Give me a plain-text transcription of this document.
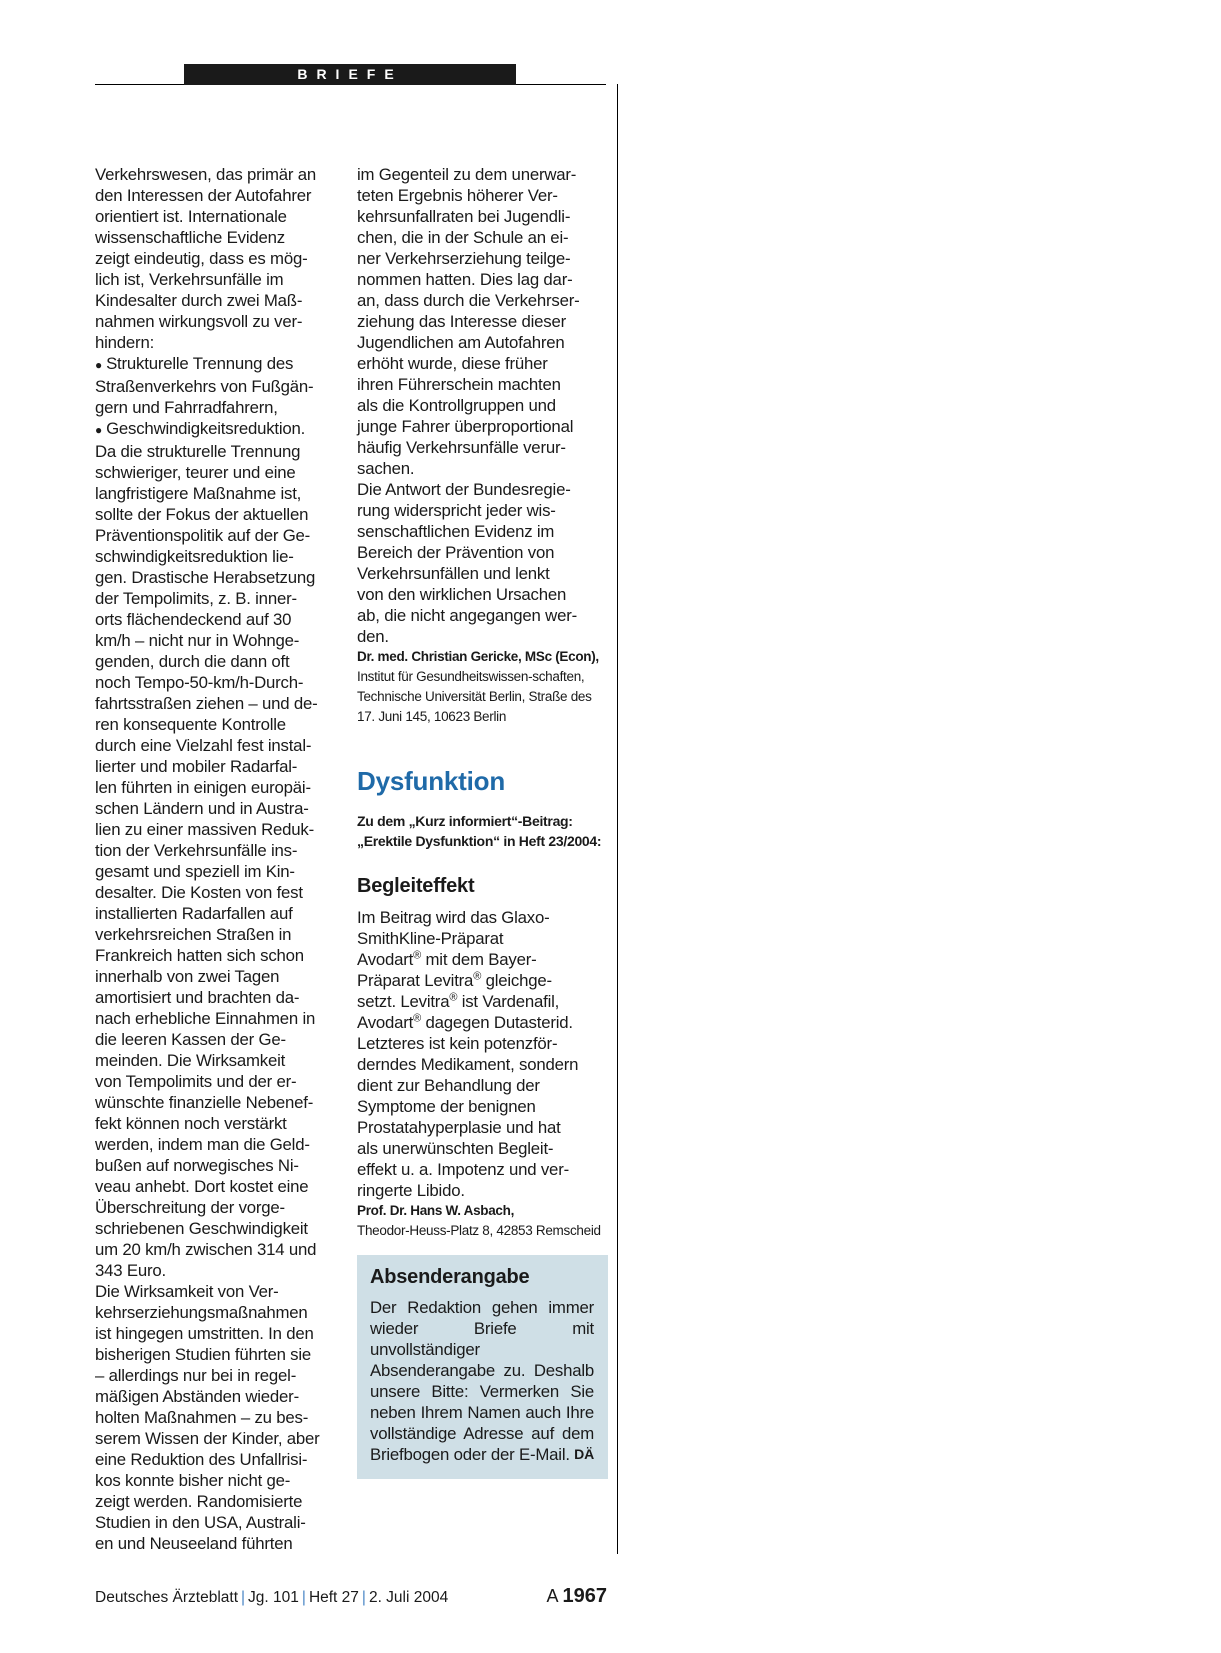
BRIEFE

Verkehrswesen, das primär an

den Interessen der Autofahrer

orientiert ist. Internationale

wissenschaftliche Evidenz

zeigt eindeutig, dass es mög-

lich ist, Verkehrsunfälle im

Kindesalter durch zwei Maß-

nahmen wirkungsvoll zu ver-

hindern:

● Strukturelle Trennung des

Straßenverkehrs von Fußgän-

gern und Fahrradfahrern,

● Geschwindigkeitsreduktion.

Da die strukturelle Trennung

schwieriger, teurer und eine

langfristigere Maßnahme ist,

sollte der Fokus der aktuellen

Präventionspolitik auf der Ge-

schwindigkeitsreduktion lie-

gen. Drastische Herabsetzung

der Tempolimits, z. B. inner-

orts flächendeckend auf 30

km/h – nicht nur in Wohnge-

genden, durch die dann oft

noch Tempo-50-km/h-Durch-

fahrtsstraßen ziehen – und de-

ren konsequente Kontrolle

durch eine Vielzahl fest instal-

lierter und mobiler Radarfal-

len führten in einigen europäi-

schen Ländern und in Austra-

lien zu einer massiven Reduk-

tion der Verkehrsunfälle ins-

gesamt und speziell im Kin-

desalter. Die Kosten von fest

installierten Radarfallen auf

verkehrsreichen Straßen in

Frankreich hatten sich schon

innerhalb von zwei Tagen

amortisiert und brachten da-

nach erhebliche Einnahmen in

die leeren Kassen der Ge-

meinden. Die Wirksamkeit

von Tempolimits und der er-

wünschte finanzielle Nebenef-

fekt können noch verstärkt

werden, indem man die Geld-

bußen auf norwegisches Ni-

veau anhebt. Dort kostet eine

Überschreitung der vorge-

schriebenen Geschwindigkeit

um 20 km/h zwischen 314 und

343 Euro.

Die Wirksamkeit von Ver-

kehrserziehungsmaßnahmen

ist hingegen umstritten. In den

bisherigen Studien führten sie

– allerdings nur bei in regel-

mäßigen Abständen wieder-

holten Maßnahmen – zu bes-

serem Wissen der Kinder, aber

eine Reduktion des Unfallrisi-

kos konnte bisher nicht ge-

zeigt werden. Randomisierte

Studien in den USA, Australi-

en und Neuseeland führten

im Gegenteil zu dem unerwar-

teten Ergebnis höherer Ver-

kehrsunfallraten bei Jugendli-

chen, die in der Schule an ei-

ner Verkehrserziehung teilge-

nommen hatten. Dies lag dar-

an, dass durch die Verkehrser-

ziehung das Interesse dieser

Jugendlichen am Autofahren

erhöht wurde, diese früher

ihren Führerschein machten

als die Kontrollgruppen und

junge Fahrer überproportional

häufig Verkehrsunfälle verur-

sachen.

Die Antwort der Bundesregie-

rung widerspricht jeder wis-

senschaftlichen Evidenz im

Bereich der Prävention von

Verkehrsunfällen und lenkt

von den wirklichen Ursachen

ab, die nicht angegangen wer-

den.

Dr. med. Christian Gericke, MSc (Econ), Institut für Gesundheitswissen-schaften, Technische Universität Berlin, Straße des 17. Juni 145, 10623 Berlin
Dysfunktion
Zu dem „Kurz informiert“-Beitrag: „Erektile Dysfunktion“ in Heft 23/2004:
Begleiteffekt

Im Beitrag wird das Glaxo-

SmithKline-Präparat

Avodart® mit dem Bayer-

Präparat Levitra® gleichge-

setzt. Levitra® ist Vardenafil,

Avodart® dagegen Dutasterid.

Letzteres ist kein potenzför-

derndes Medikament, sondern

dient zur Behandlung der

Symptome der benignen

Prostatahyperplasie und hat

als unerwünschten Begleit-

effekt u. a. Impotenz und ver-

ringerte Libido.

Prof. Dr. Hans W. Asbach,
Theodor-Heuss-Platz 8, 42853 Remscheid
Absenderangabe
Der Redaktion gehen immer wieder Briefe mit unvollständiger Absenderangabe zu. Deshalb unsere Bitte: Vermerken Sie neben Ihrem Namen auch Ihre vollständige Adresse auf dem Briefbogen oder der E-Mail. DÄ
Deutsches Ärzteblatt | Jg. 101 | Heft 27 | 2. Juli 2004	A 1967
